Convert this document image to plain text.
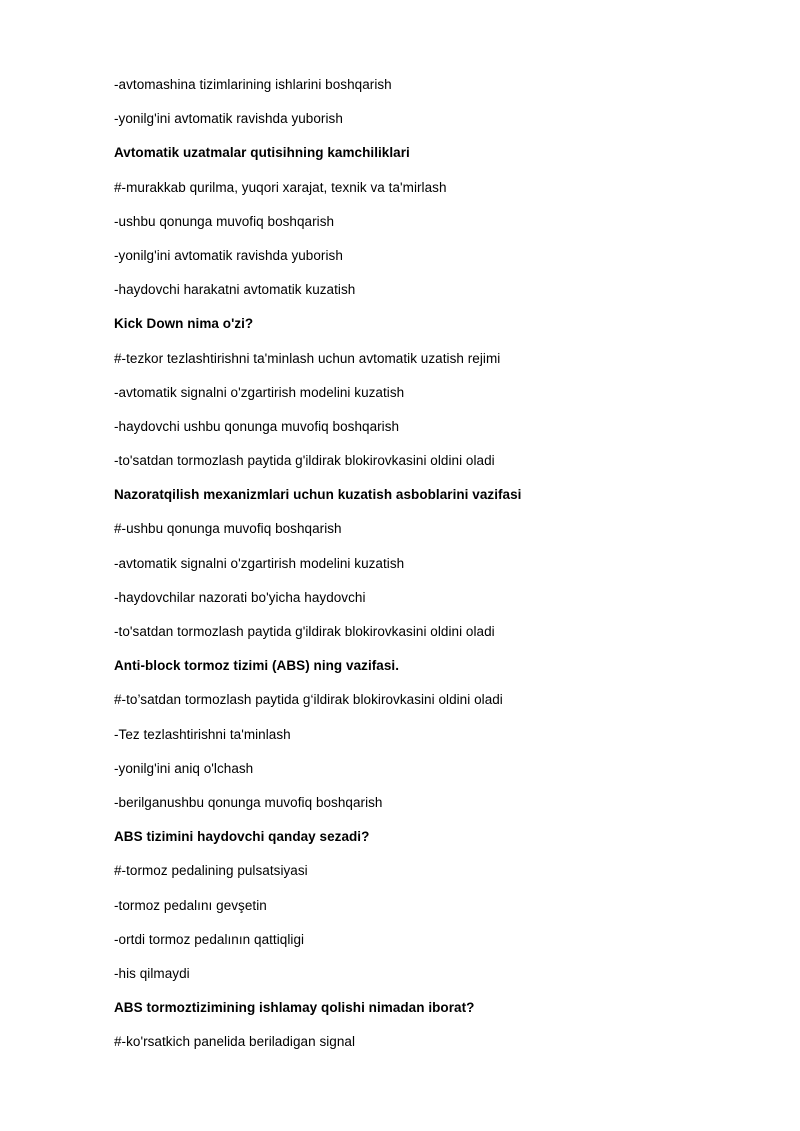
-avtomashina tizimlarining ishlarini boshqarish
-yonilg'ini avtomatik ravishda yuborish
Avtomatik uzatmalar qutisihning kamchiliklari
#-murakkab qurilma, yuqori xarajat, texnik va ta'mirlash
-ushbu qonunga muvofiq boshqarish
-yonilg'ini avtomatik ravishda yuborish
-haydovchi harakatni avtomatik kuzatish
Kick Down nima o'zi?
#-tezkor tezlashtirishni ta'minlash uchun avtomatik uzatish rejimi
-avtomatik signalni o'zgartirish modelini kuzatish
-haydovchi ushbu qonunga muvofiq boshqarish
-to'satdan tormozlash paytida g'ildirak blokirovkasini oldini oladi
Nazoratqilish mexanizmlari uchun kuzatish asboblarini vazifasi
#-ushbu qonunga muvofiq boshqarish
-avtomatik signalni o'zgartirish modelini kuzatish
-haydovchilar nazorati bo'yicha haydovchi
-to'satdan tormozlash paytida g'ildirak blokirovkasini oldini oladi
Anti-block tormoz tizimi (ABS) ning vazifasi.
#-to’satdan tormozlash paytida g‘ildirak blokirovkasini oldini oladi
-Tez tezlashtirishni ta'minlash
-yonilg'ini aniq o'lchash
-berilganushbu qonunga muvofiq boshqarish
ABS tizimini haydovchi qanday sezadi?
#-tormoz pedalining pulsatsiyasi
-tormoz pedalını gevşetin
-ortdi tormoz pedalının qattiqligi
-his qilmaydi
ABS tormoztizimining ishlamay qolishi nimadan iborat?
#-ko'rsatkich panelida beriladigan signal
